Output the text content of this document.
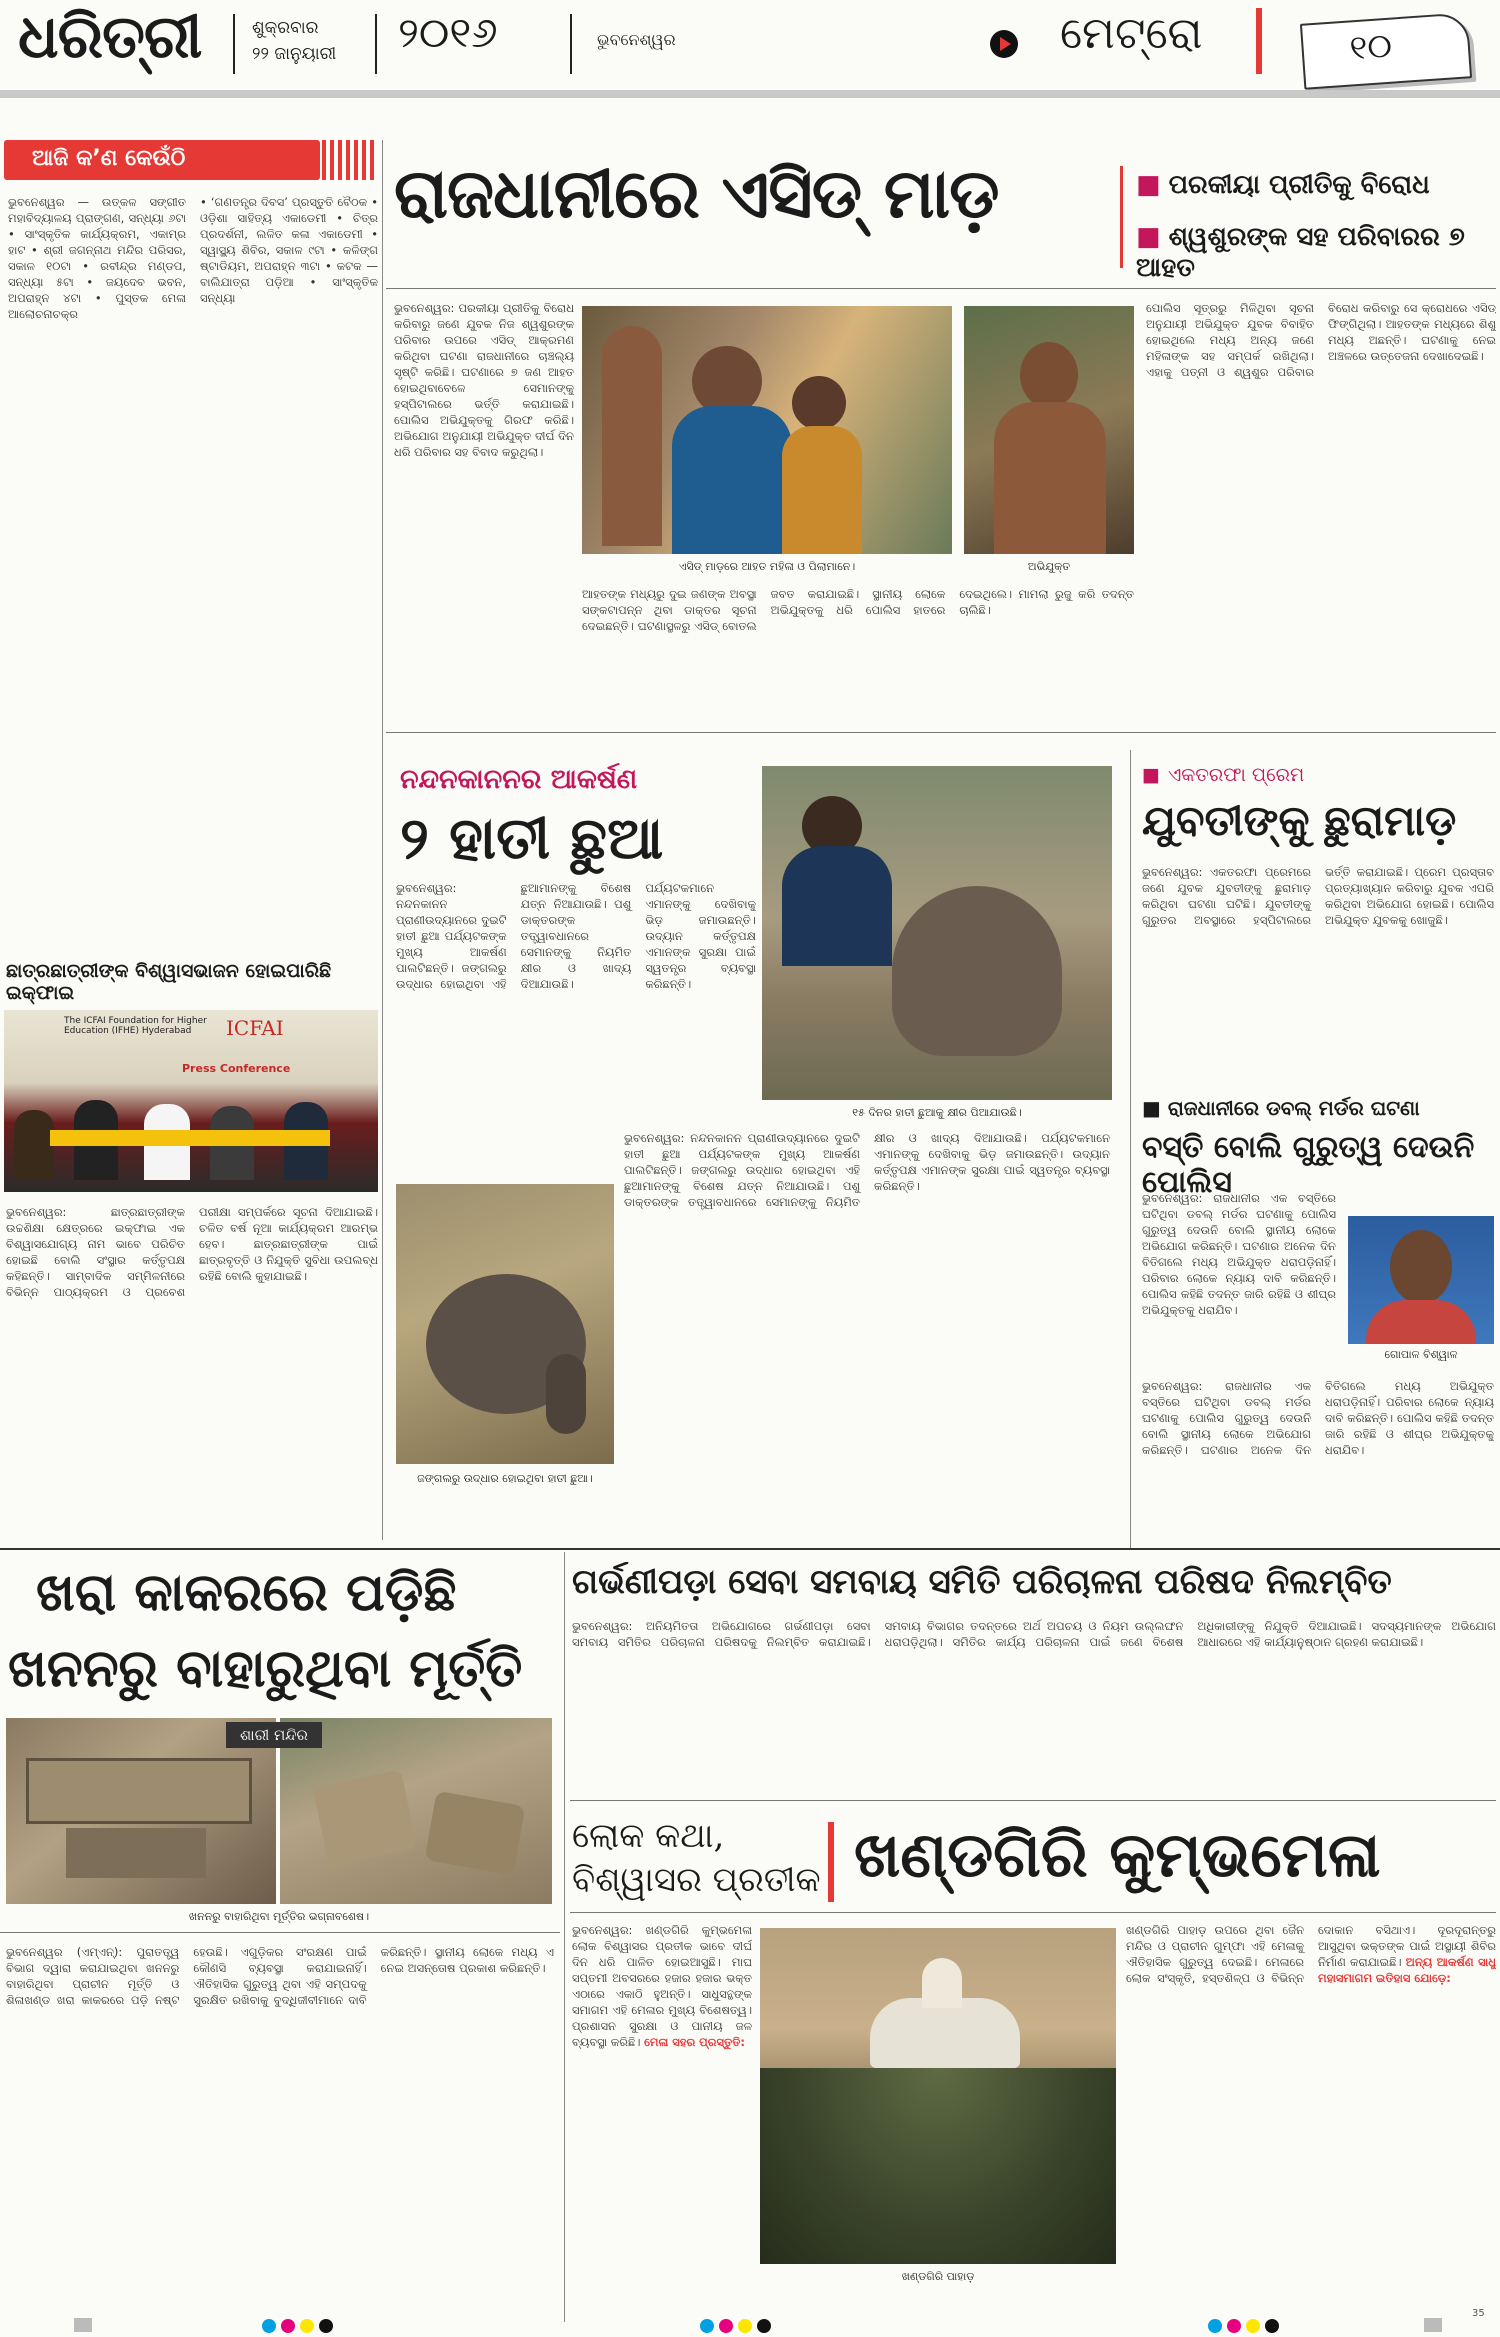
ଧରିତ୍ରୀ	ଶୁକ୍ରବାର
୨୨ ଜାନୁୟାରୀ ୨୦୧୬	ଭୁବନେଶ୍ୱର	ମେଟ୍ରୋ	୧୦
ଆଜି କ’ଣ କେଉଁଠି

ଭୁବନେଶ୍ୱର — ଉତ୍କଳ ସଙ୍ଗୀତ ମହାବିଦ୍ୟାଳୟ ପ୍ରାଙ୍ଗଣ, ସନ୍ଧ୍ୟା ୬ଟା • ସାଂସ୍କୃତିକ କାର୍ଯ୍ୟକ୍ରମ, ଏକାମ୍ର ହାଟ • ଶ୍ରୀ ଜଗନ୍ନାଥ ମନ୍ଦିର ପରିସର, ସକାଳ ୧୦ଟା • ରବୀନ୍ଦ୍ର ମଣ୍ଡପ, ସନ୍ଧ୍ୟା ୫ଟା • ଜୟଦେବ ଭବନ, ଅପରାହ୍ନ ୪ଟା • ପୁସ୍ତକ ମେଳା ଆଲୋଚନାଚକ୍ର

• ‘ଗଣତନ୍ତ୍ର ଦିବସ’ ପ୍ରସ୍ତୁତି ବୈଠକ • ଓଡ଼ିଶା ସାହିତ୍ୟ ଏକାଡେମୀ • ଚିତ୍ର ପ୍ରଦର୍ଶନୀ, ଲଳିତ କଳା ଏକାଡେମୀ • ସ୍ୱାସ୍ଥ୍ୟ ଶିବିର, ସକାଳ ୯ଟା • କଳିଙ୍ଗ ଷ୍ଟାଡିୟମ, ଅପରାହ୍ନ ୩ଟା • କଟକ — ବାଲିଯାତ୍ରା ପଡ଼ିଆ • ସାଂସ୍କୃତିକ ସନ୍ଧ୍ୟା

ଛାତ୍ରଛାତ୍ରୀଙ୍କ ବିଶ୍ୱାସଭାଜନ ହୋଇପାରିଛି ଇକ୍‌ଫାଇ
The ICFAI Foundation for Higher Education (IFHE) Hyderabad	ICFAI
Press Conference
ଭୁବନେଶ୍ୱର: ଛାତ୍ରଛାତ୍ରୀଙ୍କ ଉଚ୍ଚଶିକ୍ଷା କ୍ଷେତ୍ରରେ ଇକ୍‌ଫାଇ ଏକ ବିଶ୍ୱାସଯୋଗ୍ୟ ନାମ ଭାବେ ପରିଚିତ ହୋଇଛି ବୋଲି ସଂସ୍ଥାର କର୍ତ୍ତୃପକ୍ଷ କହିଛନ୍ତି। ସାମ୍ବାଦିକ ସମ୍ମିଳନୀରେ ବିଭିନ୍ନ ପାଠ୍ୟକ୍ରମ ଓ ପ୍ରବେଶ ପରୀକ୍ଷା ସମ୍ପର୍କରେ ସୂଚନା ଦିଆଯାଇଛି। ଚଳିତ ବର୍ଷ ନୂଆ କାର୍ଯ୍ୟକ୍ରମ ଆରମ୍ଭ ହେବ। ଛାତ୍ରଛାତ୍ରୀଙ୍କ ପାଇଁ ଛାତ୍ରବୃତ୍ତି ଓ ନିଯୁକ୍ତି ସୁବିଧା ଉପଲବ୍ଧ ରହିଛି ବୋଲି କୁହାଯାଇଛି।
ରାଜଧାନୀରେ ଏସିଡ୍ ମାଡ଼
■	ପରକୀୟା ପ୍ରୀତିକୁ ବିରୋଧ
■ ଶ୍ୱଶୁରଙ୍କ ସହ ପରିବାରର ୭ ଆହତ
ଭୁବନେଶ୍ୱର: ପରକୀୟା ପ୍ରୀତିକୁ ବିରୋଧ କରିବାରୁ ଜଣେ ଯୁବକ ନିଜ ଶ୍ୱଶୁରଙ୍କ ପରିବାର ଉପରେ ଏସିଡ୍ ଆକ୍ରମଣ କରିଥିବା ଘଟଣା ରାଜଧାନୀରେ ଚାଞ୍ଚଲ୍ୟ ସୃଷ୍ଟି କରିଛି। ଘଟଣାରେ ୭ ଜଣ ଆହତ ହୋଇଥିବାବେଳେ ସେମାନଙ୍କୁ ହସ୍ପିଟାଲରେ ଭର୍ତ୍ତି କରାଯାଇଛି। ପୋଲିସ ଅଭିଯୁକ୍ତକୁ ଗିରଫ କରିଛି। ଅଭିଯୋଗ ଅନୁଯାୟୀ ଅଭିଯୁକ୍ତ ଦୀର୍ଘ ଦିନ ଧରି ପରିବାର ସହ ବିବାଦ କରୁଥିଲା।
ଏସିଡ୍ ମାଡ଼ରେ ଆହତ ମହିଳା ଓ ପିଲାମାନେ।	ଅଭିଯୁକ୍ତ
ଆହତଙ୍କ ମଧ୍ୟରୁ ଦୁଇ ଜଣଙ୍କ ଅବସ୍ଥା ସଙ୍କଟାପନ୍ନ ଥିବା ଡାକ୍ତର ସୂଚନା ଦେଇଛନ୍ତି। ଘଟଣାସ୍ଥଳରୁ ଏସିଡ୍ ବୋତଲ ଜବତ କରାଯାଇଛି। ସ୍ଥାନୀୟ ଲୋକେ ଅଭିଯୁକ୍ତକୁ ଧରି ପୋଲିସ ହାତରେ ଦେଇଥିଲେ। ମାମଲା ରୁଜୁ କରି ତଦନ୍ତ ଚାଲିଛି।
ପୋଲିସ ସୂତ୍ରରୁ ମିଳିଥିବା ସୂଚନା ଅନୁଯାୟୀ ଅଭିଯୁକ୍ତ ଯୁବକ ବିବାହିତ ହୋଇଥିଲେ ମଧ୍ୟ ଅନ୍ୟ ଜଣେ ମହିଳାଙ୍କ ସହ ସମ୍ପର୍କ ରଖିଥିଲା। ଏହାକୁ ପତ୍ନୀ ଓ ଶ୍ୱଶୁର ପରିବାର ବିରୋଧ କରିବାରୁ ସେ କ୍ରୋଧରେ ଏସିଡ୍ ଫିଙ୍ଗିଥିଲା। ଆହତଙ୍କ ମଧ୍ୟରେ ଶିଶୁ ମଧ୍ୟ ଅଛନ୍ତି। ଘଟଣାକୁ ନେଇ ଅଞ୍ଚଳରେ ଉତ୍ତେଜନା ଦେଖାଦେଇଛି।
ନନ୍ଦନକାନନର ଆକର୍ଷଣ
୨ ହାତୀ ଛୁଆ
୧୫ ଦିନର ହାତୀ ଛୁଆକୁ କ୍ଷୀର ପିଆଯାଉଛି।
ଜଙ୍ଗଲରୁ ଉଦ୍ଧାର ହୋଇଥିବା ହାତୀ ଛୁଆ।
ଭୁବନେଶ୍ୱର: ନନ୍ଦନକାନନ ପ୍ରାଣୀଉଦ୍ୟାନରେ ଦୁଇଟି ହାତୀ ଛୁଆ ପର୍ଯ୍ୟଟକଙ୍କ ମୁଖ୍ୟ ଆକର୍ଷଣ ପାଲଟିଛନ୍ତି। ଜଙ୍ଗଲରୁ ଉଦ୍ଧାର ହୋଇଥିବା ଏହି ଛୁଆମାନଙ୍କୁ ବିଶେଷ ଯତ୍ନ ନିଆଯାଉଛି। ପଶୁ ଡାକ୍ତରଙ୍କ ତତ୍ତ୍ୱାବଧାନରେ ସେମାନଙ୍କୁ ନିୟମିତ କ୍ଷୀର ଓ ଖାଦ୍ୟ ଦିଆଯାଉଛି। ପର୍ଯ୍ୟଟକମାନେ ଏମାନଙ୍କୁ ଦେଖିବାକୁ ଭିଡ଼ ଜମାଉଛନ୍ତି। ଉଦ୍ୟାନ କର୍ତ୍ତୃପକ୍ଷ ଏମାନଙ୍କ ସୁରକ୍ଷା ପାଇଁ ସ୍ୱତନ୍ତ୍ର ବ୍ୟବସ୍ଥା କରିଛନ୍ତି।
ଭୁବନେଶ୍ୱର: ନନ୍ଦନକାନନ ପ୍ରାଣୀଉଦ୍ୟାନରେ ଦୁଇଟି ହାତୀ ଛୁଆ ପର୍ଯ୍ୟଟକଙ୍କ ମୁଖ୍ୟ ଆକର୍ଷଣ ପାଲଟିଛନ୍ତି। ଜଙ୍ଗଲରୁ ଉଦ୍ଧାର ହୋଇଥିବା ଏହି ଛୁଆମାନଙ୍କୁ ବିଶେଷ ଯତ୍ନ ନିଆଯାଉଛି। ପଶୁ ଡାକ୍ତରଙ୍କ ତତ୍ତ୍ୱାବଧାନରେ ସେମାନଙ୍କୁ ନିୟମିତ କ୍ଷୀର ଓ ଖାଦ୍ୟ ଦିଆଯାଉଛି। ପର୍ଯ୍ୟଟକମାନେ ଏମାନଙ୍କୁ ଦେଖିବାକୁ ଭିଡ଼ ଜମାଉଛନ୍ତି। ଉଦ୍ୟାନ କର୍ତ୍ତୃପକ୍ଷ ଏମାନଙ୍କ ସୁରକ୍ଷା ପାଇଁ ସ୍ୱତନ୍ତ୍ର ବ୍ୟବସ୍ଥା କରିଛନ୍ତି।
■ ଏକତରଫା ପ୍ରେମ
ଯୁବତୀଙ୍କୁ ଛୁରାମାଡ଼
ଭୁବନେଶ୍ୱର: ଏକତରଫା ପ୍ରେମରେ ଜଣେ ଯୁବକ ଯୁବତୀଙ୍କୁ ଛୁରାମାଡ଼ କରିଥିବା ଘଟଣା ଘଟିଛି। ଯୁବତୀଙ୍କୁ ଗୁରୁତର ଅବସ୍ଥାରେ ହସ୍ପିଟାଲରେ ଭର୍ତ୍ତି କରାଯାଇଛି। ପ୍ରେମ ପ୍ରସ୍ତାବ ପ୍ରତ୍ୟାଖ୍ୟାନ କରିବାରୁ ଯୁବକ ଏପରି କରିଥିବା ଅଭିଯୋଗ ହୋଇଛି। ପୋଲିସ ଅଭିଯୁକ୍ତ ଯୁବକକୁ ଖୋଜୁଛି।
■ ରାଜଧାନୀରେ ଡବଲ୍ ମର୍ଡର ଘଟଣା
ବସ୍ତି ବୋଲି ଗୁରୁତ୍ୱ ଦେଉନି ପୋଲିସ
ଭୁବନେଶ୍ୱର: ରାଜଧାନୀର ଏକ ବସ୍ତିରେ ଘଟିଥିବା ଡବଲ୍ ମର୍ଡର ଘଟଣାକୁ ପୋଲିସ ଗୁରୁତ୍ୱ ଦେଉନି ବୋଲି ସ୍ଥାନୀୟ ଲୋକେ ଅଭିଯୋଗ କରିଛନ୍ତି। ଘଟଣାର ଅନେକ ଦିନ ବିତିଗଲେ ମଧ୍ୟ ଅଭିଯୁକ୍ତ ଧରାପଡ଼ିନାହିଁ। ପରିବାର ଲୋକେ ନ୍ୟାୟ ଦାବି କରିଛନ୍ତି। ପୋଲିସ କହିଛି ତଦନ୍ତ ଜାରି ରହିଛି ଓ ଶୀଘ୍ର ଅଭିଯୁକ୍ତକୁ ଧରାଯିବ।
ଗୋପାଳ ବିଶ୍ୱାଳ
ଭୁବନେଶ୍ୱର: ରାଜଧାନୀର ଏକ ବସ୍ତିରେ ଘଟିଥିବା ଡବଲ୍ ମର୍ଡର ଘଟଣାକୁ ପୋଲିସ ଗୁରୁତ୍ୱ ଦେଉନି ବୋଲି ସ୍ଥାନୀୟ ଲୋକେ ଅଭିଯୋଗ କରିଛନ୍ତି। ଘଟଣାର ଅନେକ ଦିନ ବିତିଗଲେ ମଧ୍ୟ ଅଭିଯୁକ୍ତ ଧରାପଡ଼ିନାହିଁ। ପରିବାର ଲୋକେ ନ୍ୟାୟ ଦାବି କରିଛନ୍ତି। ପୋଲିସ କହିଛି ତଦନ୍ତ ଜାରି ରହିଛି ଓ ଶୀଘ୍ର ଅଭିଯୁକ୍ତକୁ ଧରାଯିବ।
ଖରା କାକରରେ ପଡ଼ିଛି
ଖନନରୁ ବାହାରୁଥିବା ମୂର୍ତ୍ତି
ଶାରୀ ମନ୍ଦିର
ଖନନରୁ ବାହାରିଥିବା ମୂର୍ତ୍ତିର ଭଗ୍ନାବଶେଷ।
ଭୁବନେଶ୍ୱର (ଏମ୍‌ଏନ୍‌): ପୁରାତତ୍ତ୍ୱ ବିଭାଗ ଦ୍ୱାରା କରାଯାଇଥିବା ଖନନରୁ ବାହାରିଥିବା ପ୍ରାଚୀନ ମୂର୍ତ୍ତି ଓ ଶିଳାଖଣ୍ଡ ଖରା କାକରରେ ପଡ଼ି ନଷ୍ଟ ହେଉଛି। ଏଗୁଡ଼ିକର ସଂରକ୍ଷଣ ପାଇଁ କୌଣସି ବ୍ୟବସ୍ଥା କରାଯାଇନାହିଁ। ଐତିହାସିକ ଗୁରୁତ୍ୱ ଥିବା ଏହି ସମ୍ପଦକୁ ସୁରକ୍ଷିତ ରଖିବାକୁ ବୁଦ୍ଧିଜୀବୀମାନେ ଦାବି କରିଛନ୍ତି। ସ୍ଥାନୀୟ ଲୋକେ ମଧ୍ୟ ଏ ନେଇ ଅସନ୍ତୋଷ ପ୍ରକାଶ କରିଛନ୍ତି।
ଗର୍ଭଣୀପଡ଼ା ସେବା ସମବାୟ ସମିତି ପରିଚାଳନା ପରିଷଦ ନିଲମ୍ବିତ
ଭୁବନେଶ୍ୱର: ଅନିୟମିତତା ଅଭିଯୋଗରେ ଗର୍ଭଣୀପଡ଼ା ସେବା ସମବାୟ ସମିତିର ପରିଚାଳନା ପରିଷଦକୁ ନିଲମ୍ବିତ କରାଯାଇଛି। ସମବାୟ ବିଭାଗର ତଦନ୍ତରେ ଅର୍ଥ ଅପଚୟ ଓ ନିୟମ ଉଲ୍ଲଙ୍ଘନ ଧରାପଡ଼ିଥିଲା। ସମିତିର କାର୍ଯ୍ୟ ପରିଚାଳନା ପାଇଁ ଜଣେ ବିଶେଷ ଅଧିକାରୀଙ୍କୁ ନିଯୁକ୍ତି ଦିଆଯାଇଛି। ସଦସ୍ୟମାନଙ୍କ ଅଭିଯୋଗ ଆଧାରରେ ଏହି କାର୍ଯ୍ୟାନୁଷ୍ଠାନ ଗ୍ରହଣ କରାଯାଇଛି।
ଲୋକ କଥା,
ବିଶ୍ୱାସର ପ୍ରତୀକ ଖଣ୍ଡଗିରି କୁମ୍ଭମେଳା
ଭୁବନେଶ୍ୱର: ଖଣ୍ଡଗିରି କୁମ୍ଭମେଳା ଲୋକ ବିଶ୍ୱାସର ପ୍ରତୀକ ଭାବେ ଦୀର୍ଘ ଦିନ ଧରି ପାଳିତ ହୋଇଆସୁଛି। ମାଘ ସପ୍ତମୀ ଅବସରରେ ହଜାର ହଜାର ଭକ୍ତ ଏଠାରେ ଏକାଠି ହୁଅନ୍ତି। ସାଧୁସନ୍ଥଙ୍କ ସମାଗମ ଏହି ମେଳାର ମୁଖ୍ୟ ବିଶେଷତ୍ୱ। ପ୍ରଶାସନ ସୁରକ୍ଷା ଓ ପାନୀୟ ଜଳ ବ୍ୟବସ୍ଥା କରିଛି। ମେଳା ସହର ପ୍ରସ୍ତୁତି:
ଖଣ୍ଡଗିରି ପାହାଡ଼
ଖଣ୍ଡଗିରି ପାହାଡ଼ ଉପରେ ଥିବା ଜୈନ ମନ୍ଦିର ଓ ପ୍ରାଚୀନ ଗୁମ୍ଫା ଏହି ମେଳାକୁ ଐତିହାସିକ ଗୁରୁତ୍ୱ ଦେଇଛି। ମେଳାରେ ଲୋକ ସଂସ୍କୃତି, ହସ୍ତଶିଳ୍ପ ଓ ବିଭିନ୍ନ ଦୋକାନ ବସିଥାଏ। ଦୂରଦୂରାନ୍ତରୁ ଆସୁଥିବା ଭକ୍ତଙ୍କ ପାଇଁ ଅସ୍ଥାୟୀ ଶିବିର ନିର୍ମାଣ କରାଯାଇଛି। ଅନ୍ୟ ଆକର୍ଷଣ ସାଧୁ ମହାସମାଗମ ଇତିହାସ ଯୋଡ଼େ:

35
